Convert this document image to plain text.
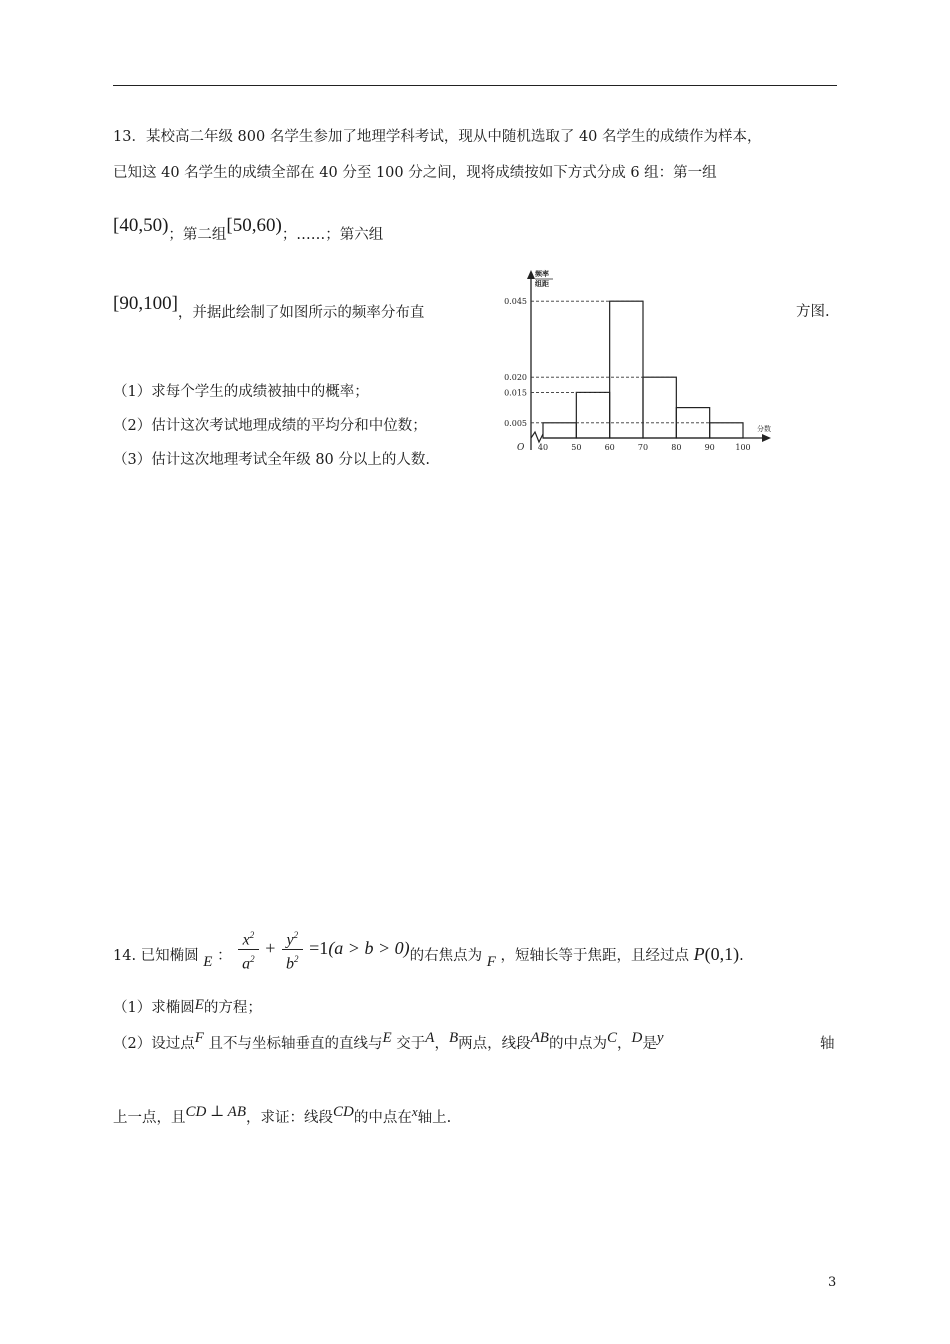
13．某校高二年级 800 名学生参加了地理学科考试，现从中随机选取了 40 名学生的成绩作为样本，
已知这 40 名学生的成绩全部在 40 分至 100 分之间，现将成绩按如下方式分成 6 组：第一组
[40,50)；第二组[50,60)；……；第六组
[90,100]，并据此绘制了如图所示的频率分布直	方图.
（1）求每个学生的成绩被抽中的概率；
（2）估计这次考试地理成绩的平均分和中位数；
（3）估计这次地理考试全年级 80 分以上的人数.
频率
组距
分数
O
0.045
0.020
0.015
0.005
40	50	60	70	80	90	100
14. 已知椭圆 E ： $\frac{x^2}{a^2} + \frac{y^2}{b^2} =1(a > b > 0)$的右焦点为 F ，短轴长等于焦距，且经过点 P(0,1).
（1）求椭圆E的方程；
（2）设过点F 且不与坐标轴垂直的直线与E 交于A，B两点，线段AB的中点为C，D是y	轴
上一点，且CD ⊥ AB，求证：线段CD的中点在x轴上.
3
